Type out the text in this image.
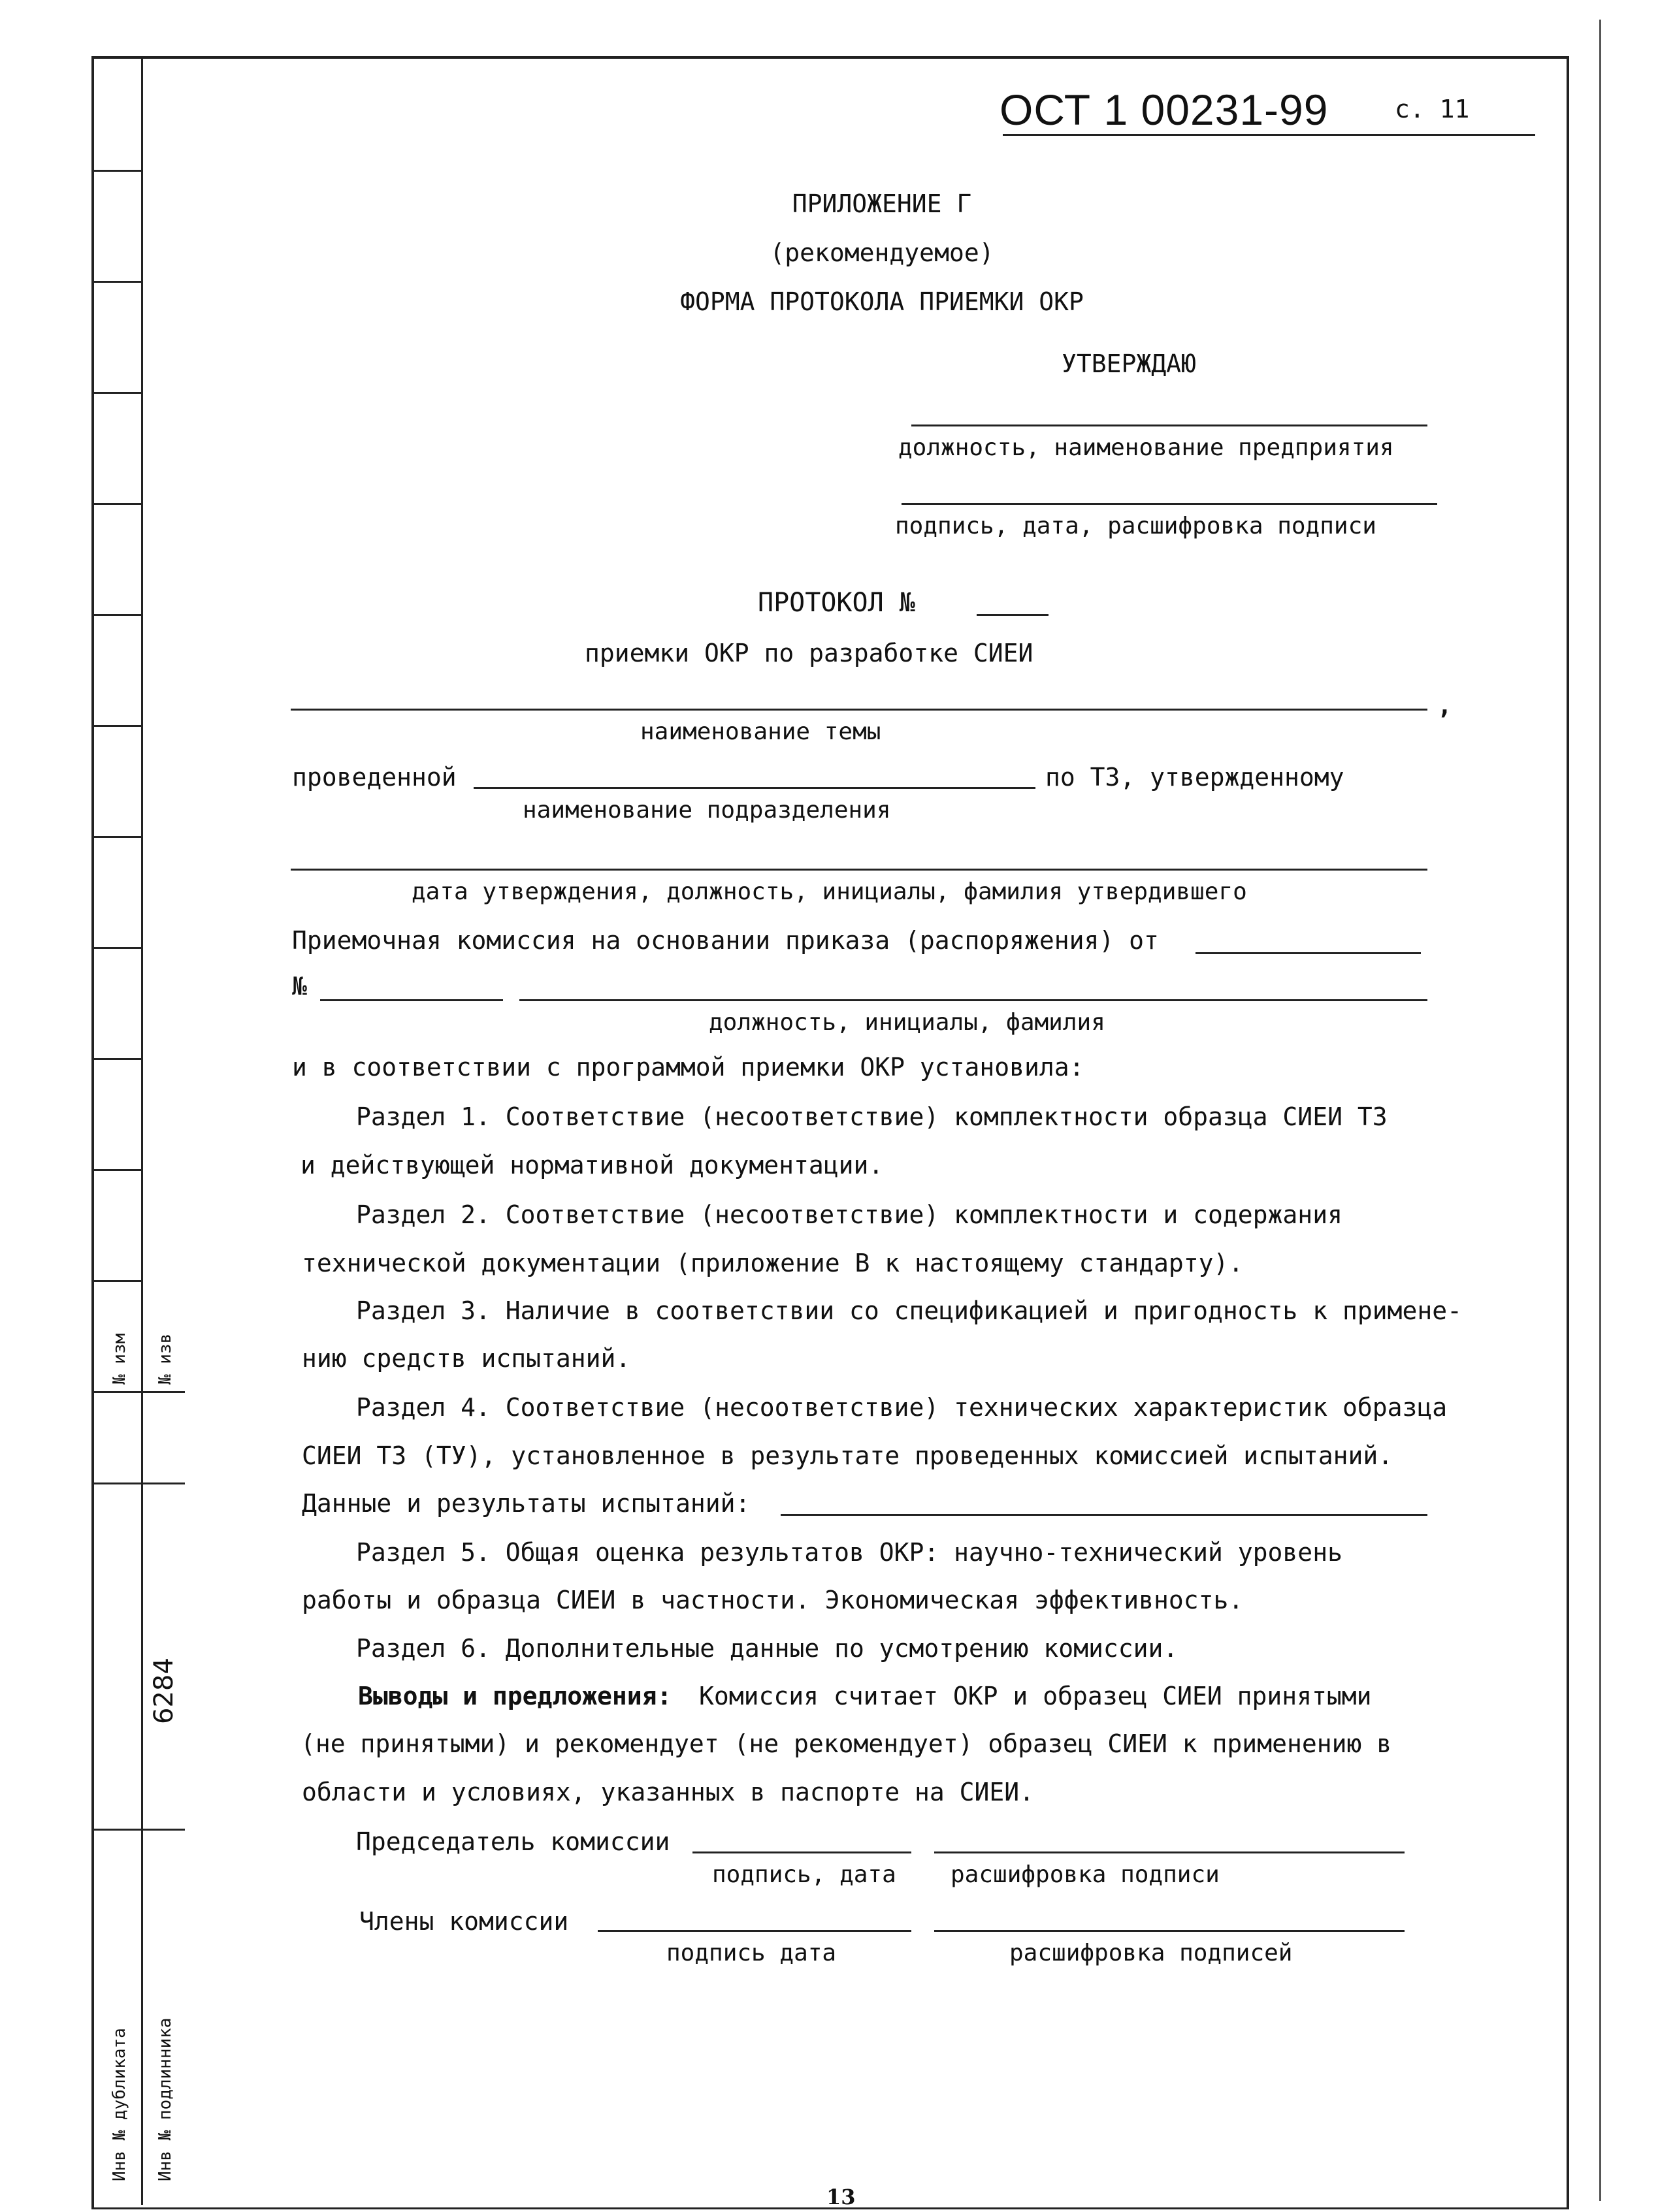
№ изм № изв
6284
Инв № дубликата Инв № подлинника
ОСТ 1 00231-99	с. 11
ПРИЛОЖЕНИЕ Г
(рекомендуемое)
ФОРМА ПРОТОКОЛА ПРИЕМКИ ОКР
УТВЕРЖДАЮ
должность, наименование предприятия
подпись, дата, расшифровка подписи
ПРОТОКОЛ №
приемки ОКР по разработке СИЕИ
,
наименование темы
проведенной	по ТЗ, утвержденному
наименование подразделения
дата утверждения, должность, инициалы, фамилия утвердившего
Приемочная комиссия на основании приказа (распоряжения) от
№
должность, инициалы, фамилия
и в соответствии с программой приемки ОКР установила:
Раздел 1. Соответствие (несоответствие) комплектности образца СИЕИ ТЗ
и действующей нормативной документации.
Раздел 2. Соответствие (несоответствие) комплектности и содержания
технической документации (приложение В к настоящему стандарту).
Раздел 3. Наличие в соответствии со спецификацией и пригодность к примене-
нию средств испытаний.
Раздел 4. Соответствие (несоответствие) технических характеристик образца
СИЕИ ТЗ (ТУ), установленное в результате проведенных комиссией испытаний.
Данные и результаты испытаний:
Раздел 5. Общая оценка результатов ОКР: научно-технический уровень
работы и образца СИЕИ в частности. Экономическая эффективность.
Раздел 6. Дополнительные данные по усмотрению комиссии.
Выводы и предложения: Комиссия считает ОКР и образец СИЕИ принятыми
(не принятыми) и рекомендует (не рекомендует) образец СИЕИ к применению в
области и условиях, указанных в паспорте на СИЕИ.
Председатель комиссии
подпись, дата расшифровка подписи
Члены комиссии
подпись дата	расшифровка подписей
13
